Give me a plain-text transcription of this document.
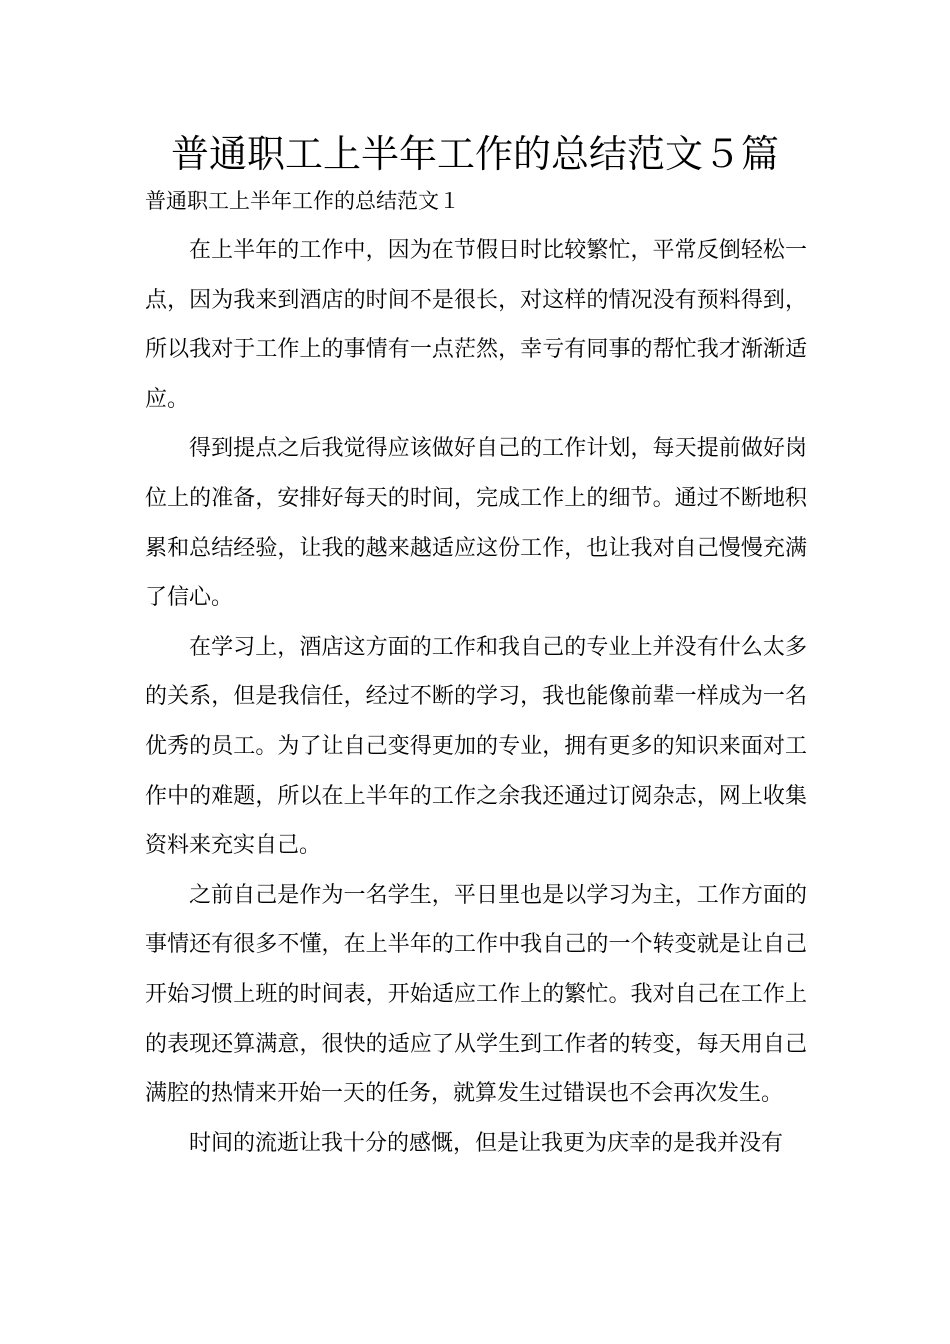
普通职工上半年工作的总结范文５篇

普通职工上半年工作的总结范文１

在上半年的工作中，因为在节假日时比较繁忙，平常反倒轻松一点，因为我来到酒店的时间不是很长，对这样的情况没有预料得到，所以我对于工作上的事情有一点茫然，幸亏有同事的帮忙我才渐渐适应。

得到提点之后我觉得应该做好自己的工作计划，每天提前做好岗位上的准备，安排好每天的时间，完成工作上的细节。通过不断地积累和总结经验，让我的越来越适应这份工作，也让我对自己慢慢充满了信心。

在学习上，酒店这方面的工作和我自己的专业上并没有什么太多的关系，但是我信任，经过不断的学习，我也能像前辈一样成为一名优秀的员工。为了让自己变得更加的专业，拥有更多的知识来面对工作中的难题，所以在上半年的工作之余我还通过订阅杂志，网上收集资料来充实自己。

之前自己是作为一名学生，平日里也是以学习为主，工作方面的事情还有很多不懂，在上半年的工作中我自己的一个转变就是让自己开始习惯上班的时间表，开始适应工作上的繁忙。我对自己在工作上的表现还算满意，很快的适应了从学生到工作者的转变，每天用自己满腔的热情来开始一天的任务，就算发生过错误也不会再次发生。

时间的流逝让我十分的感慨，但是让我更为庆幸的是我并没有
